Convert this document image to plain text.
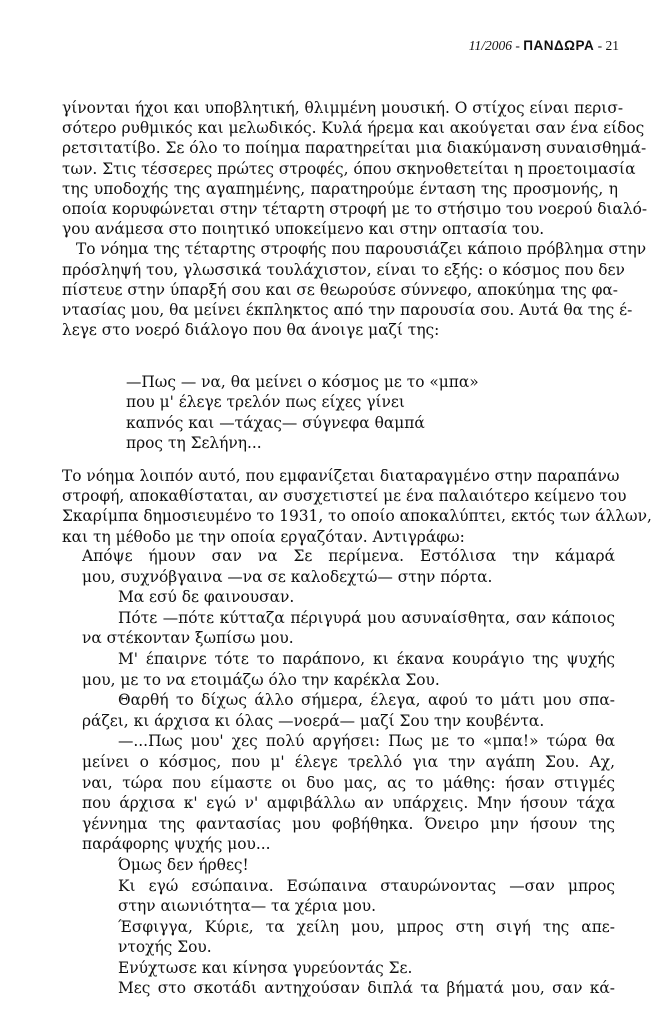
11/2006 - ΠΑΝΔΩΡΑ - 21
γίνονται ήχοι και υποβλητική, θλιμμένη μουσική. Ο στίχος είναι περισ-
σότερο ρυθμικός και μελωδικός. Κυλά ήρεμα και ακούγεται σαν ένα είδος
ρετσιτατίβο. Σε όλο το ποίημα παρατηρείται μια διακύμανση συναισθημά-
των. Στις τέσσερες πρώτες στροφές, όπου σκηνοθετείται η προετοιμασία
της υποδοχής της αγαπημένης, παρατηρούμε ένταση της προσμονής, η
οποία κορυφώνεται στην τέταρτη στροφή με το στήσιμο του νοερού διαλό-
γου ανάμεσα στο ποιητικό υποκείμενο και στην οπτασία του.
Το νόημα της τέταρτης στροφής που παρουσιάζει κάποιο πρόβλημα στην
πρόσληψή του, γλωσσικά τουλάχιστον, είναι το εξής: ο κόσμος που δεν
πίστευε στην ύπαρξή σου και σε θεωρούσε σύννεφο, αποκύημα της φα-
ντασίας μου, θα μείνει έκπληκτος από την παρουσία σου. Αυτά θα της έ-
λεγε στο νοερό διάλογο που θα άνοιγε μαζί της:
—Πως — να, θα μείνει ο κόσμος με το «μπα»
που μ' έλεγε τρελόν πως είχες γίνει
καπνός και —τάχας— σύγνεφα θαμπά
προς τη Σελήνη...
Το νόημα λοιπόν αυτό, που εμφανίζεται διαταραγμένο στην παραπάνω
στροφή, αποκαθίσταται, αν συσχετιστεί με ένα παλαιότερο κείμενο του
Σκαρίμπα δημοσιευμένο το 1931, το οποίο αποκαλύπτει, εκτός των άλλων,
και τη μέθοδο με την οποία εργαζόταν. Αντιγράφω:
Απόψε ήμουν σαν να Σε περίμενα. Εστόλισα την κάμαρά
μου, συχνόβγαινα —να σε καλοδεχτώ— στην πόρτα.
Μα εσύ δε φαινουσαν.
Πότε —πότε κύτταζα πέριγυρά μου ασυναίσθητα, σαν κάποιος
να στέκονταν ξωπίσω μου.
Μ' έπαιρνε τότε το παράπονο, κι έκανα κουράγιο της ψυχής
μου, με το να ετοιμάζω όλο την καρέκλα Σου.
Θαρθή το δίχως άλλο σήμερα, έλεγα, αφού το μάτι μου σπα-
ράζει, κι άρχισα κι όλας —νοερά— μαζί Σου την κουβέντα.
—...Πως μου' χες πολύ αργήσει: Πως με το «μπα!» τώρα θα
μείνει ο κόσμος, που μ' έλεγε τρελλό για την αγάπη Σου. Αχ,
ναι, τώρα που είμαστε οι δυο μας, ας το μάθης: ήσαν στιγμές
που άρχισα κ' εγώ ν' αμφιβάλλω αν υπάρχεις. Μην ήσουν τάχα
γέννημα της φαντασίας μου φοβήθηκα. Όνειρο μην ήσουν της
παράφορης ψυχής μου...
Όμως δεν ήρθες!
Κι εγώ εσώπαινα. Εσώπαινα σταυρώνοντας —σαν μπρος
στην αιωνιότητα— τα χέρια μου.
Έσφιγγα, Κύριε, τα χείλη μου, μπρος στη σιγή της απε-
ντοχής Σου.
Ενύχτωσε και κίνησα γυρεύοντάς Σε.
Μες στο σκοτάδι αντηχούσαν διπλά τα βήματά μου, σαν κά-
